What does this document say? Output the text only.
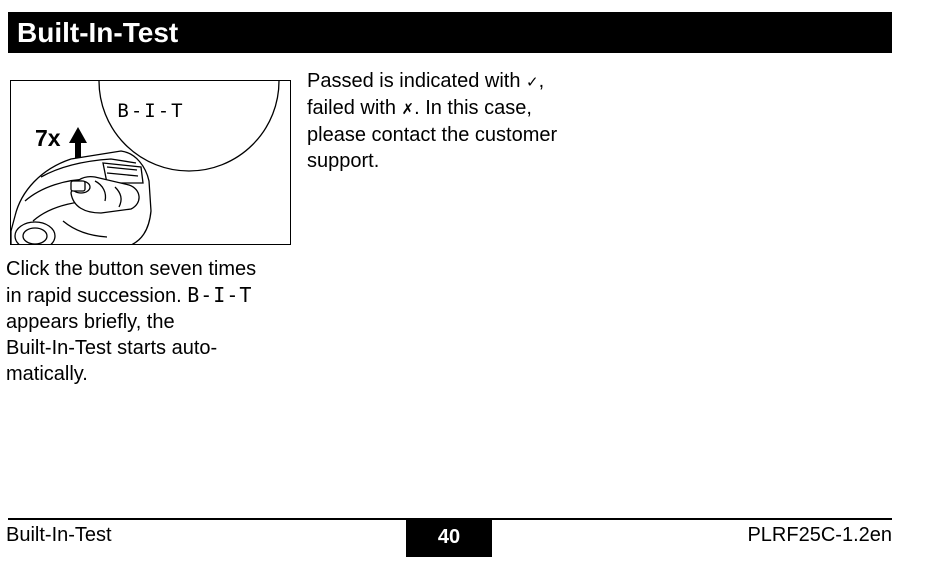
Built-In-Test
B-I-T
7x
Passed is indicated with ✓,
failed with ✗. In this case,
please contact the customer
support.
Click the button seven times
in rapid succession. B-I-T
appears briefly, the
Built-In-Test starts auto-
matically.
Built-In-Test	40	PLRF25C-1.2en
